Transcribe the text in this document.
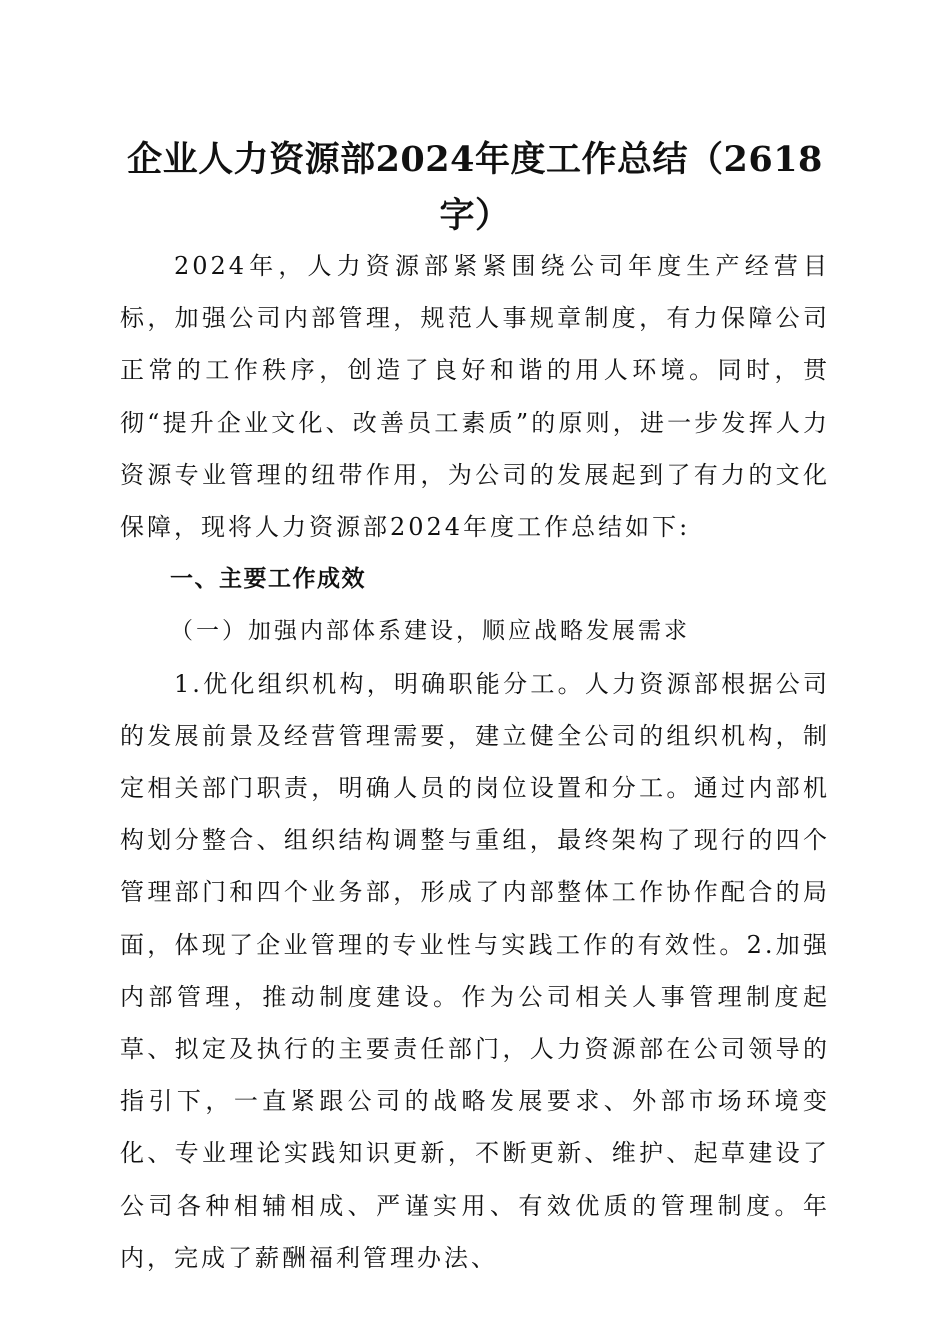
企业人力资源部2024年度工作总结（2618字）

2024年，人力资源部紧紧围绕公司年度生产经营目标，加强公司内部管理，规范人事规章制度，有力保障公司正常的工作秩序，创造了良好和谐的用人环境。同时，贯彻“提升企业文化、改善员工素质”的原则，进一步发挥人力资源专业管理的纽带作用，为公司的发展起到了有力的文化保障，现将人力资源部2024年度工作总结如下:

一、主要工作成效

（一）加强内部体系建设，顺应战略发展需求

1.优化组织机构，明确职能分工。人力资源部根据公司的发展前景及经营管理需要，建立健全公司的组织机构，制定相关部门职责，明确人员的岗位设置和分工。通过内部机构划分整合、组织结构调整与重组，最终架构了现行的四个管理部门和四个业务部，形成了内部整体工作协作配合的局面，体现了企业管理的专业性与实践工作的有效性。2.加强内部管理，推动制度建设。作为公司相关人事管理制度起草、拟定及执行的主要责任部门，人力资源部在公司领导的指引下，一直紧跟公司的战略发展要求、外部市场环境变化、专业理论实践知识更新，不断更新、维护、起草建设了公司各种相辅相成、严谨实用、有效优质的管理制度。年内，完成了薪酬福利管理办法、
